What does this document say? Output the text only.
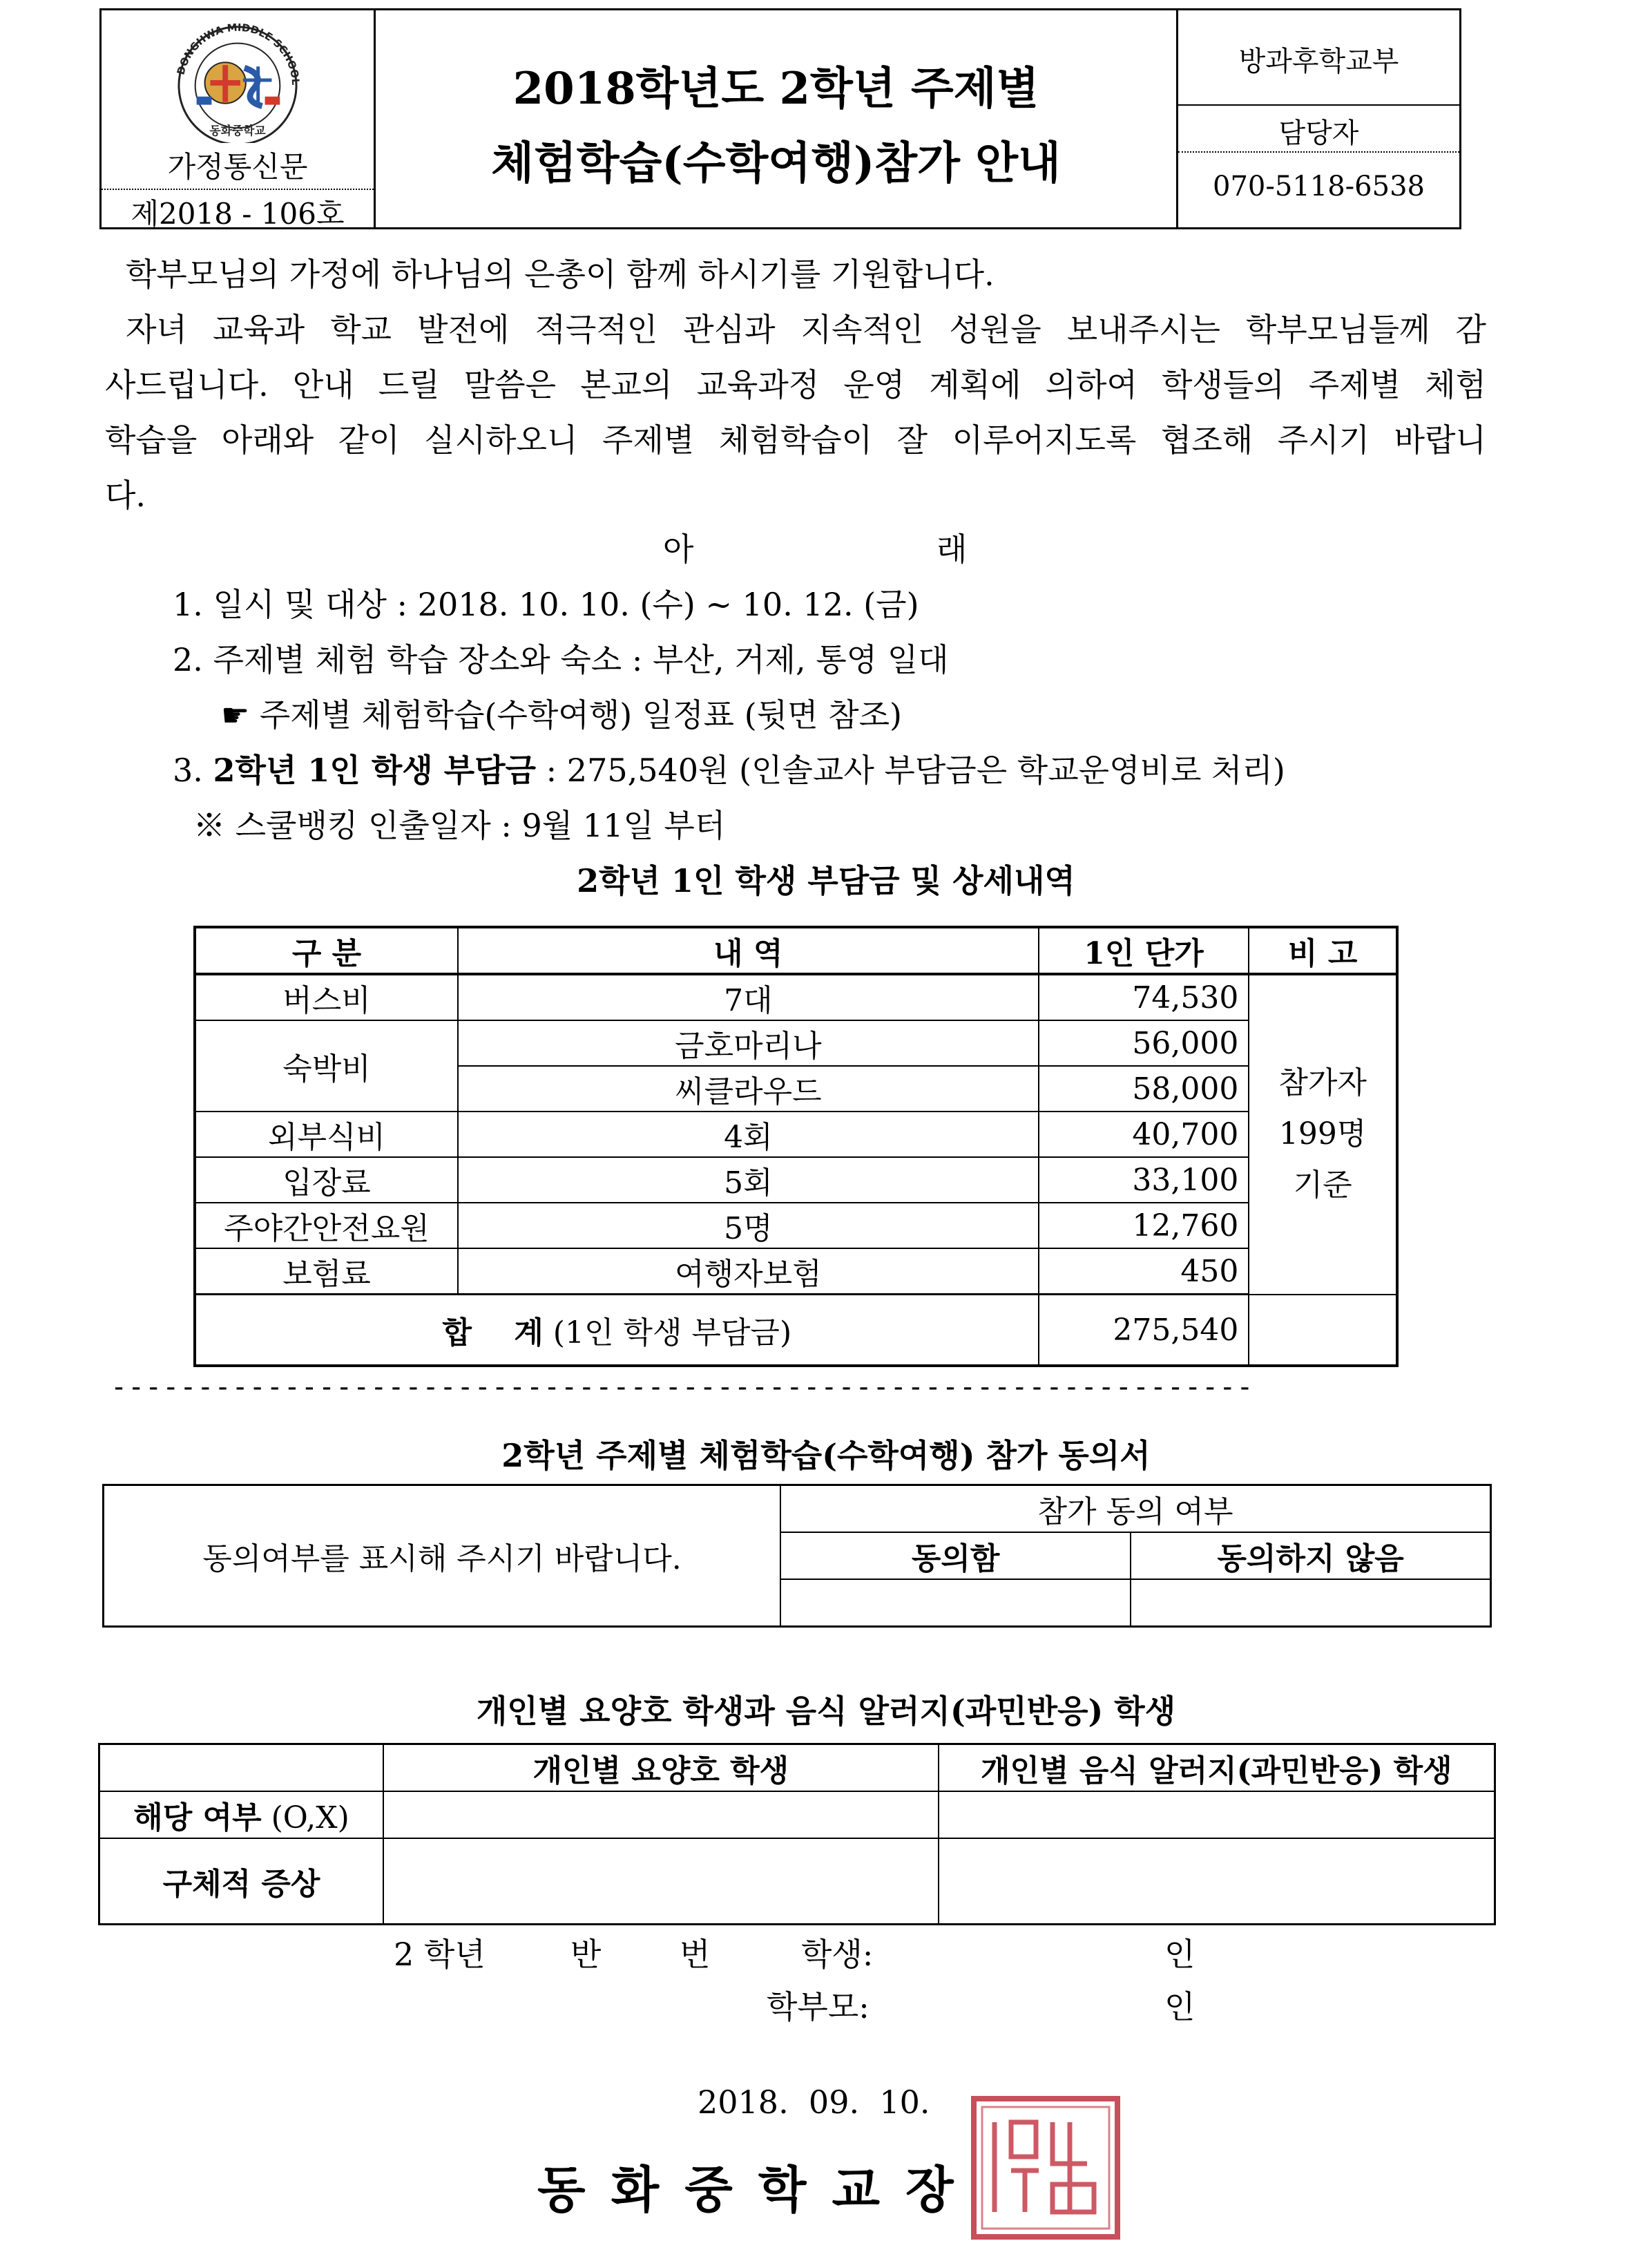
DONGHWA MIDDLE SCHOOL
동화중학교
가정통신문
제2018 - 106호
2018학년도 2학년 주제별
체험학습(수학여행)참가 안내
방과후학교부
담당자
070-5118-6538
학부모님의 가정에 하나님의 은총이 함께 하시기를 기원합니다.
자녀 교육과 학교 발전에 적극적인 관심과 지속적인 성원을 보내주시는 학부모님들께 감
사드립니다. 안내 드릴 말씀은 본교의 교육과정 운영 계획에 의하여 학생들의 주제별 체험
학습을 아래와 같이 실시하오니 주제별 체험학습이 잘 이루어지도록 협조해 주시기 바랍니
다.
아	래
1. 일시 및 대상 : 2018. 10. 10. (수) ~ 10. 12. (금)
2. 주제별 체험 학습 장소와 숙소 : 부산, 거제, 통영 일대
☛ 주제별 체험학습(수학여행) 일정표 (뒷면 참조)
3. 2학년 1인 학생 부담금 : 275,540원 (인솔교사 부담금은 학교운영비로 처리)
※ 스쿨뱅킹 인출일자 : 9월 11일 부터
2학년 1인 학생 부담금 및 상세내역
구 분	내 역	1인 단가	비 고
버스비	7대	74,530	참가자
199명
기준

숙박비	금호마리나	56,000	
	씨클라우드	58,000	
외부식비	4회	40,700	
입장료	5회	33,100	
주야간안전요원	5명	12,760	
보험료	여행자보험	450	
합    계 (1인 학생 부담금)		275,540	
------------------------------------------------------------------
2학년 주제별 체험학습(수학여행) 참가 동의서
동의여부를 표시해 주시기 바랍니다.	참가 동의 여부	
	동의함	동의하지 않음

개인별 요양호 학생과 음식 알러지(과민반응) 학생
	개인별 요양호 학생	개인별 음식 알러지(과민반응) 학생
해당 여부 (O,X)		
구체적 증상		
2 학년	반 번	학생:	인
학부모:	인
2018.  09.  10.
동 화 중 학 교 장
